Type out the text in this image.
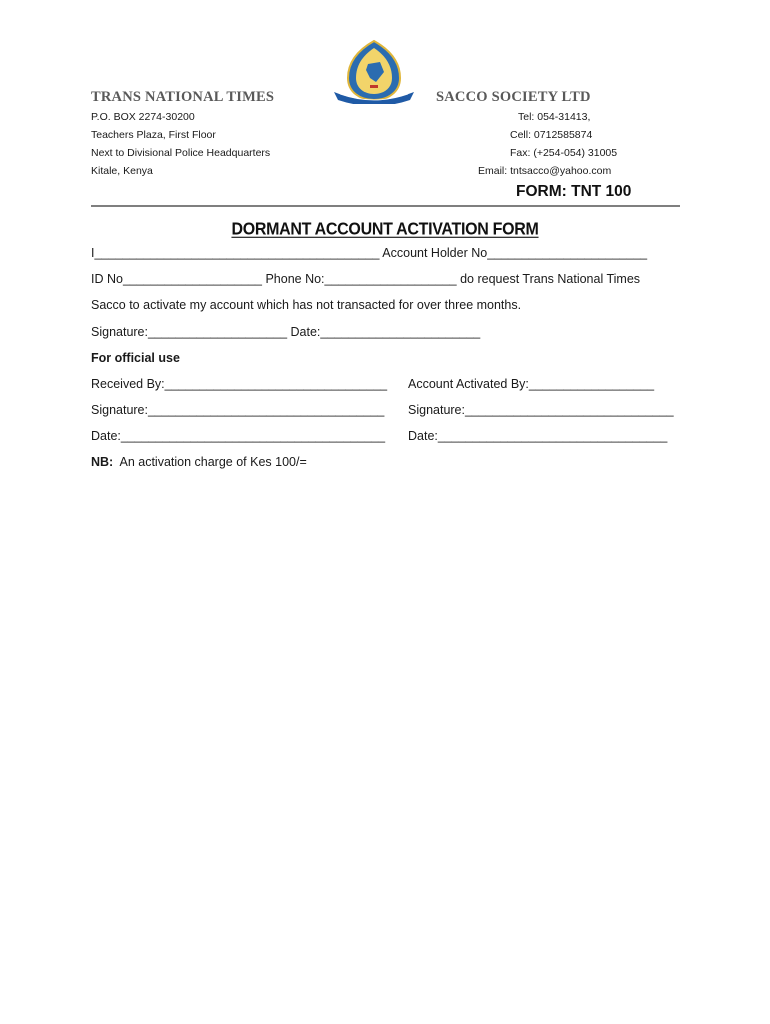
TRANS NATIONAL TIMES	SACCO SOCIETY LTD
P.O. BOX 2274-30200
Teachers Plaza, First Floor
Next to Divisional Police Headquarters
Kitale, Kenya
Tel: 054-31413,
Cell: 0712585874
Fax: (+254-054) 31005
Email: tntsacco@yahoo.com
FORM: TNT 100
DORMANT ACCOUNT ACTIVATION FORM
I_________________________________________ Account Holder No_______________________
ID No____________________ Phone No:___________________ do request Trans National Times
Sacco to activate my account which has not transacted for over three months.
Signature:____________________ Date:_______________________
For official use
Received By:________________________________ Account Activated By:__________________
Signature:__________________________________ Signature:______________________________
Date:______________________________________ Date:_________________________________
NB: An activation charge of Kes 100/=
